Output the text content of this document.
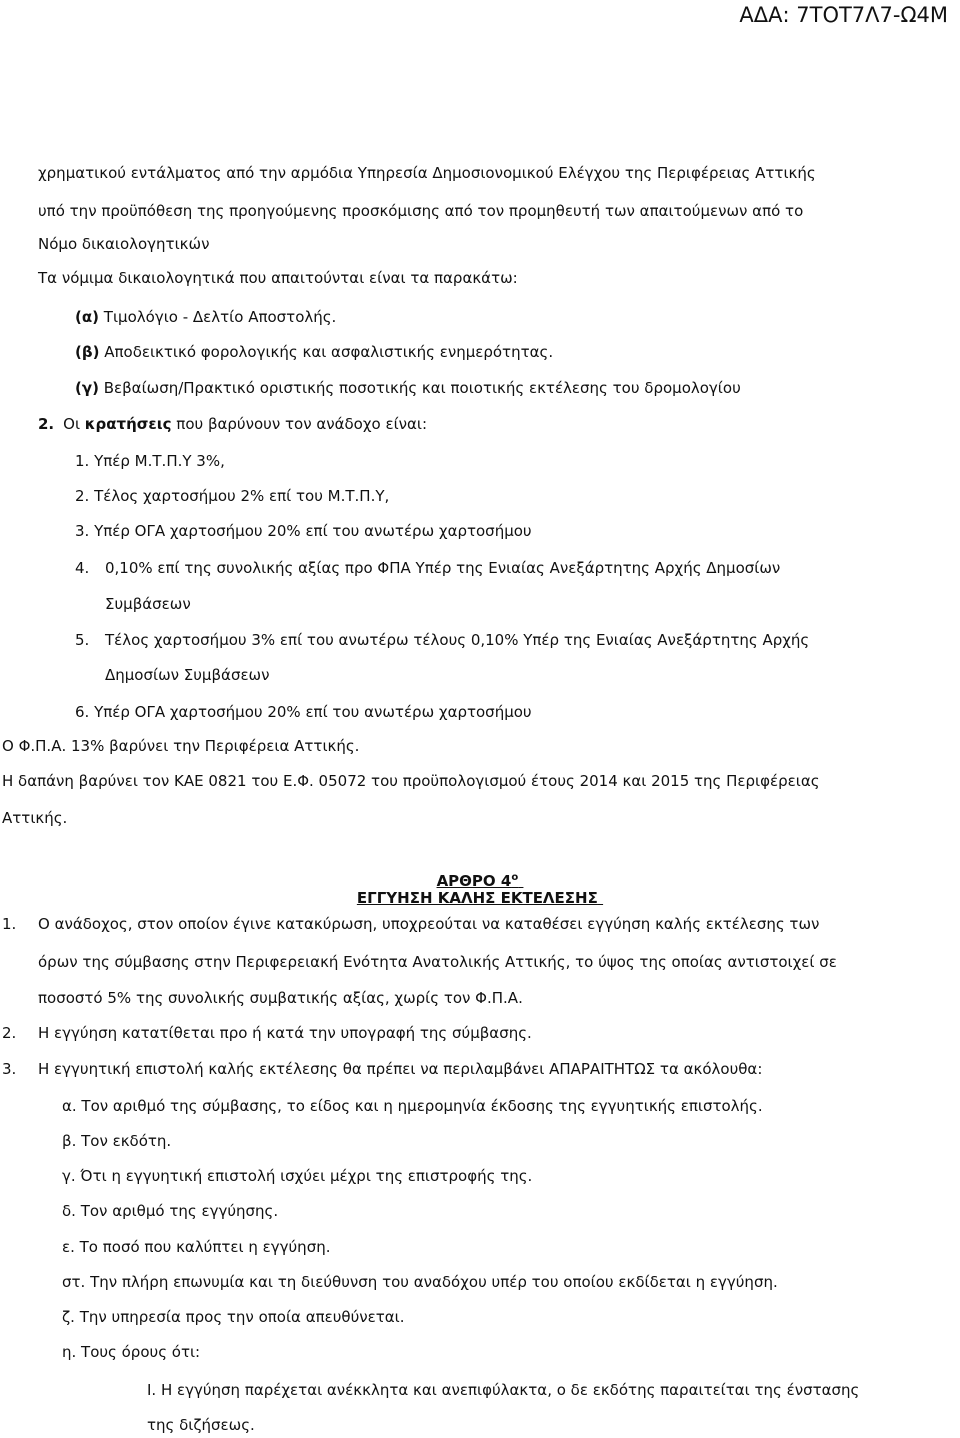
ΑΔΑ: 7ΤΟΤ7Λ7-Ω4Μ
χρηματικού εντάλματος από την αρμόδια Υπηρεσία Δημοσιονομικού Ελέγχου της Περιφέρειας Αττικής
υπό την προϋπόθεση της προηγούμενης προσκόμισης από τον προμηθευτή των απαιτούμενων από το
Νόμο δικαιολογητικών
Τα νόμιμα δικαιολογητικά που απαιτούνται είναι τα παρακάτω:
(α) Τιμολόγιο - Δελτίο Αποστολής.
(β) Αποδεικτικό φορολογικής και ασφαλιστικής ενημερότητας.
(γ) Βεβαίωση/Πρακτικό οριστικής ποσοτικής και ποιοτικής εκτέλεσης του δρομολογίου
2. Οι κρατήσεις που βαρύνουν τον ανάδοχο είναι:
1. Υπέρ Μ.Τ.Π.Υ 3%,
2. Τέλος χαρτοσήμου 2% επί του Μ.Τ.Π.Υ,
3. Υπέρ ΟΓΑ χαρτοσήμου 20% επί του ανωτέρω χαρτοσήμου
4. 0,10% επί της συνολικής αξίας προ ΦΠΑ Υπέρ της Ενιαίας Ανεξάρτητης Αρχής Δημοσίων
Συμβάσεων
5. Τέλος χαρτοσήμου 3% επί του ανωτέρω τέλους 0,10% Υπέρ της Ενιαίας Ανεξάρτητης Αρχής
Δημοσίων Συμβάσεων
6. Υπέρ ΟΓΑ χαρτοσήμου 20% επί του ανωτέρω χαρτοσήμου
Ο Φ.Π.Α. 13% βαρύνει την Περιφέρεια Αττικής.
Η δαπάνη βαρύνει τον ΚΑΕ 0821 του Ε.Φ. 05072 του προϋπολογισμού έτους 2014 και 2015 της Περιφέρειας
Αττικής.
ΑΡΘΡΟ $4^o$
ΕΓΓΥΗΣΗ ΚΑΛΗΣ ΕΚΤΕΛΕΣΗΣ
1. Ο ανάδοχος, στον οποίον έγινε κατακύρωση, υποχρεούται να καταθέσει εγγύηση καλής εκτέλεσης των
όρων της σύμβασης στην Περιφερειακή Ενότητα Ανατολικής Αττικής, το ύψος της οποίας αντιστοιχεί σε
ποσοστό 5% της συνολικής συμβατικής αξίας, χωρίς τον Φ.Π.Α.
2. Η εγγύηση κατατίθεται προ ή κατά την υπογραφή της σύμβασης.
3. Η εγγυητική επιστολή καλής εκτέλεσης θα πρέπει να περιλαμβάνει ΑΠΑΡΑΙΤΗΤΩΣ τα ακόλουθα:
α. Τον αριθμό της σύμβασης, το είδος και η ημερομηνία έκδοσης της εγγυητικής επιστολής.
β. Τον εκδότη.
γ. Ότι η εγγυητική επιστολή ισχύει μέχρι της επιστροφής της.
δ. Τον αριθμό της εγγύησης.
ε. Το ποσό που καλύπτει η εγγύηση.
στ. Την πλήρη επωνυμία και τη διεύθυνση του αναδόχου υπέρ του οποίου εκδίδεται η εγγύηση.
ζ. Την υπηρεσία προς την οποία απευθύνεται.
η. Τους όρους ότι:
Ι. Η εγγύηση παρέχεται ανέκκλητα και ανεπιφύλακτα, ο δε εκδότης παραιτείται της ένστασης
της διζήσεως.
